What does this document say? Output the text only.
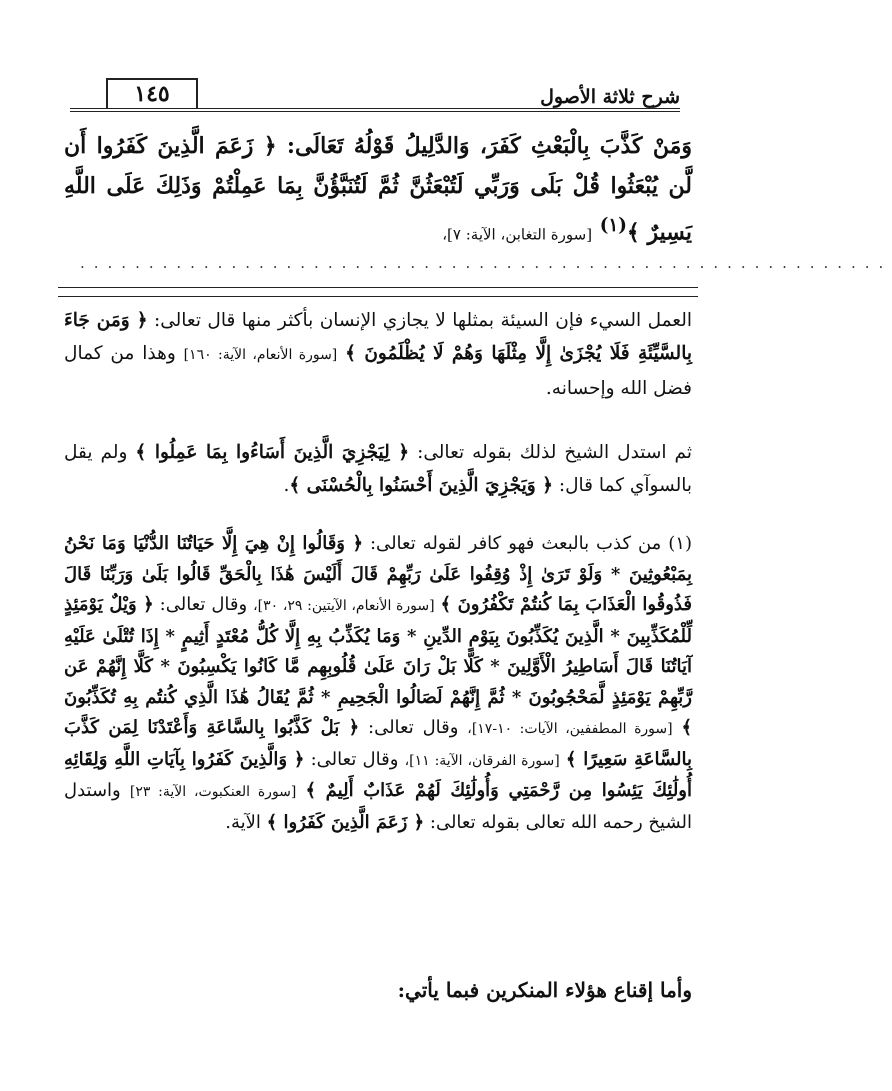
شرح ثلاثة الأصول
١٤٥
وَمَنْ كَذَّبَ بِالْبَعْثِ كَفَرَ، وَالدَّلِيلُ قَوْلُهُ تَعَالَى: ﴿ زَعَمَ الَّذِينَ كَفَرُوا أَن لَّن يُبْعَثُوا قُلْ بَلَى وَرَبِّي لَتُبْعَثُنَّ ثُمَّ لَتُنَبَّؤُنَّ بِمَا عَمِلْتُمْ وَذَلِكَ عَلَى اللَّهِ يَسِيرٌ ﴾$^{(١)}$ [سورة التغابن، الآية: ٧]،
...........................................................
العمل السيء فإن السيئة بمثلها لا يجازي الإنسان بأكثر منها قال تعالى: ﴿ وَمَن جَاءَ بِالسَّيِّئَةِ فَلَا يُجْزَىٰ إِلَّا مِثْلَهَا وَهُمْ لَا يُظْلَمُونَ ﴾ [سورة الأنعام، الآية: ١٦٠] وهذا من كمال فضل الله وإحسانه.
ثم استدل الشيخ لذلك بقوله تعالى: ﴿ لِيَجْزِيَ الَّذِينَ أَسَاءُوا بِمَا عَمِلُوا ﴾ ولم يقل بالسوآي كما قال: ﴿ وَيَجْزِيَ الَّذِينَ أَحْسَنُوا بِالْحُسْنَى ﴾.
(١) من كذب بالبعث فهو كافر لقوله تعالى: ﴿ وَقَالُوا إِنْ هِيَ إِلَّا حَيَاتُنَا الدُّنْيَا وَمَا نَحْنُ بِمَبْعُوثِينَ * وَلَوْ تَرَىٰ إِذْ وُقِفُوا عَلَىٰ رَبِّهِمْ قَالَ أَلَيْسَ هَٰذَا بِالْحَقِّ قَالُوا بَلَىٰ وَرَبِّنَا قَالَ فَذُوقُوا الْعَذَابَ بِمَا كُنتُمْ تَكْفُرُونَ ﴾ [سورة الأنعام، الآيتين: ٢٩، ٣٠]، وقال تعالى: ﴿ وَيْلٌ يَوْمَئِذٍ لِّلْمُكَذِّبِينَ * الَّذِينَ يُكَذِّبُونَ بِيَوْمِ الدِّينِ * وَمَا يُكَذِّبُ بِهِ إِلَّا كُلُّ مُعْتَدٍ أَثِيمٍ * إِذَا تُتْلَىٰ عَلَيْهِ آيَاتُنَا قَالَ أَسَاطِيرُ الْأَوَّلِينَ * كَلَّا بَلْ رَانَ عَلَىٰ قُلُوبِهِم مَّا كَانُوا يَكْسِبُونَ * كَلَّا إِنَّهُمْ عَن رَّبِّهِمْ يَوْمَئِذٍ لَّمَحْجُوبُونَ * ثُمَّ إِنَّهُمْ لَصَالُوا الْجَحِيمِ * ثُمَّ يُقَالُ هَٰذَا الَّذِي كُنتُم بِهِ تُكَذِّبُونَ ﴾ [سورة المطففين، الآيات: ١٠-١٧]، وقال تعالى: ﴿ بَلْ كَذَّبُوا بِالسَّاعَةِ وَأَعْتَدْنَا لِمَن كَذَّبَ بِالسَّاعَةِ سَعِيرًا ﴾ [سورة الفرقان، الآية: ١١]، وقال تعالى: ﴿ وَالَّذِينَ كَفَرُوا بِآيَاتِ اللَّهِ وَلِقَائِهِ أُولَٰئِكَ يَئِسُوا مِن رَّحْمَتِي وَأُولَٰئِكَ لَهُمْ عَذَابٌ أَلِيمٌ ﴾ [سورة العنكبوت، الآية: ٢٣] واستدل الشيخ رحمه الله تعالى بقوله تعالى: ﴿ زَعَمَ الَّذِينَ كَفَرُوا ﴾ الآية.
وأما إقناع هؤلاء المنكرين فبما يأتي:
